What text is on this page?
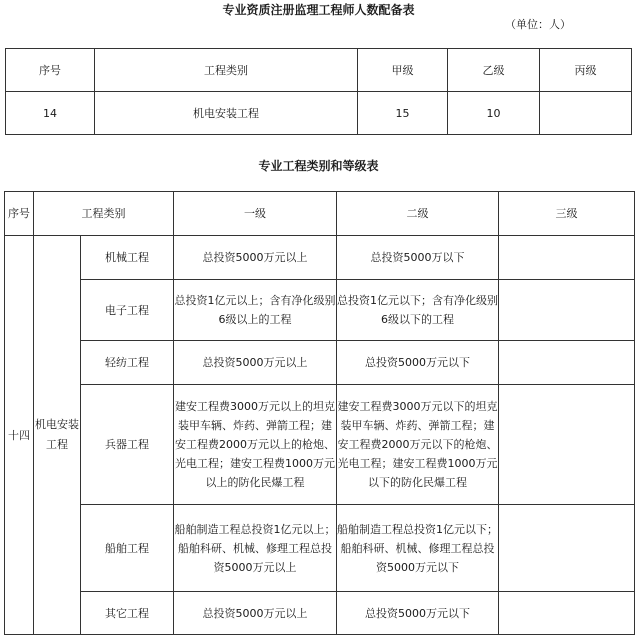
专业资质注册监理工程师人数配备表
（单位：人）
序号	工程类别	甲级	乙级	丙级
14	机电安装工程	15	10	
专业工程类别和等级表
序号	工程类别		一级	二级	三级
十四	机电安装工程	机械工程	总投资5000万元以上	总投资5000万以下	
		电子工程	总投资1亿元以上；含有净化级别6级以上的工程	总投资1亿元以下；含有净化级别6级以下的工程	
		轻纺工程	总投资5000万元以上	总投资5000万元以下	
		兵器工程	建安工程费3000万元以上的坦克装甲车辆、炸药、弹箭工程；建安工程费2000万元以上的枪炮、光电工程；建安工程费1000万元以上的防化民爆工程	建安工程费3000万元以下的坦克装甲车辆、炸药、弹箭工程；建安工程费2000万元以下的枪炮、光电工程；建安工程费1000万元以下的防化民爆工程	
		船舶工程	船舶制造工程总投资1亿元以上；船舶科研、机械、修理工程总投资5000万元以上	船舶制造工程总投资1亿元以下；船舶科研、机械、修理工程总投资5000万元以下	
		其它工程	总投资5000万元以上	总投资5000万元以下	
